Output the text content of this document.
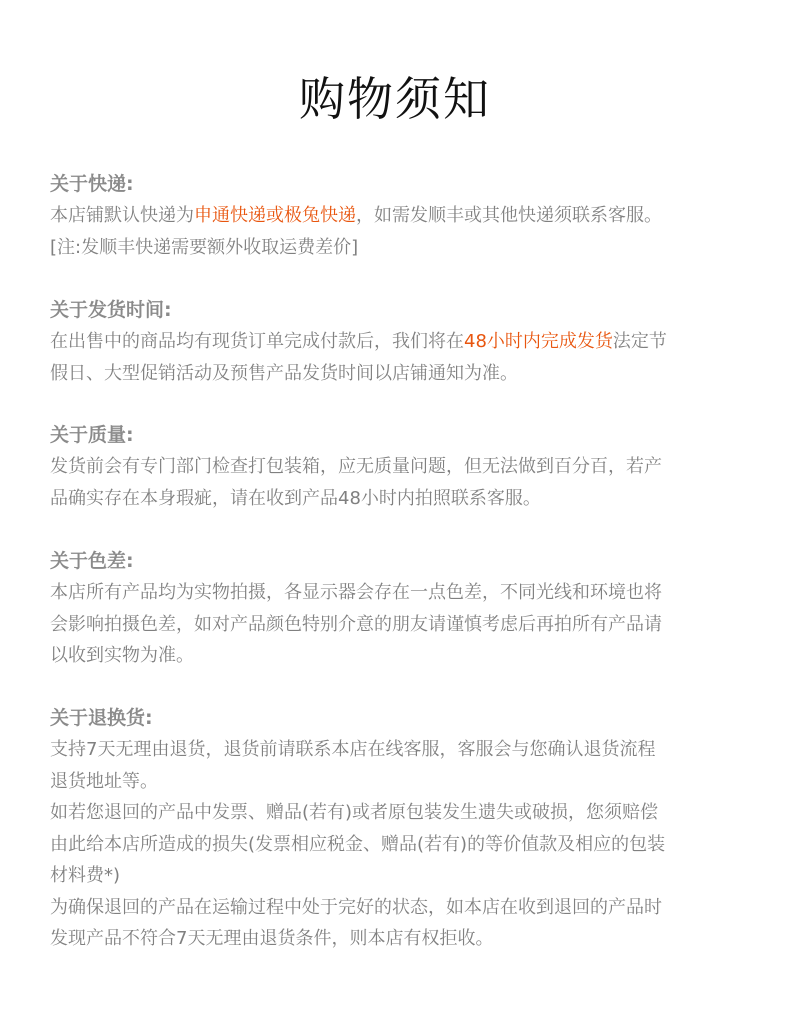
购物须知

关于快递:

本店铺默认快递为申通快递或极兔快递，如需发顺丰或其他快递须联系客服。

[注:发顺丰快递需要额外收取运费差价]

关于发货时间:

在出售中的商品均有现货订单完成付款后，我们将在48小时内完成发货法定节

假日、大型促销活动及预售产品发货时间以店铺通知为准。

关于质量:

发货前会有专门部门检查打包装箱，应无质量问题，但无法做到百分百，若产

品确实存在本身瑕疵，请在收到产品48小时内拍照联系客服。

关于色差:

本店所有产品均为实物拍摄，各显示器会存在一点色差，不同光线和环境也将

会影响拍摄色差，如对产品颜色特别介意的朋友请谨慎考虑后再拍所有产品请

以收到实物为准。

关于退换货:

支持7天无理由退货，退货前请联系本店在线客服，客服会与您确认退货流程

退货地址等。

如若您退回的产品中发票、赠品(若有)或者原包装发生遗失或破损，您须赔偿

由此给本店所造成的损失(发票相应税金、赠品(若有)的等价值款及相应的包装

材料费*)

为确保退回的产品在运输过程中处于完好的状态，如本店在收到退回的产品时

发现产品不符合7天无理由退货条件，则本店有权拒收。
